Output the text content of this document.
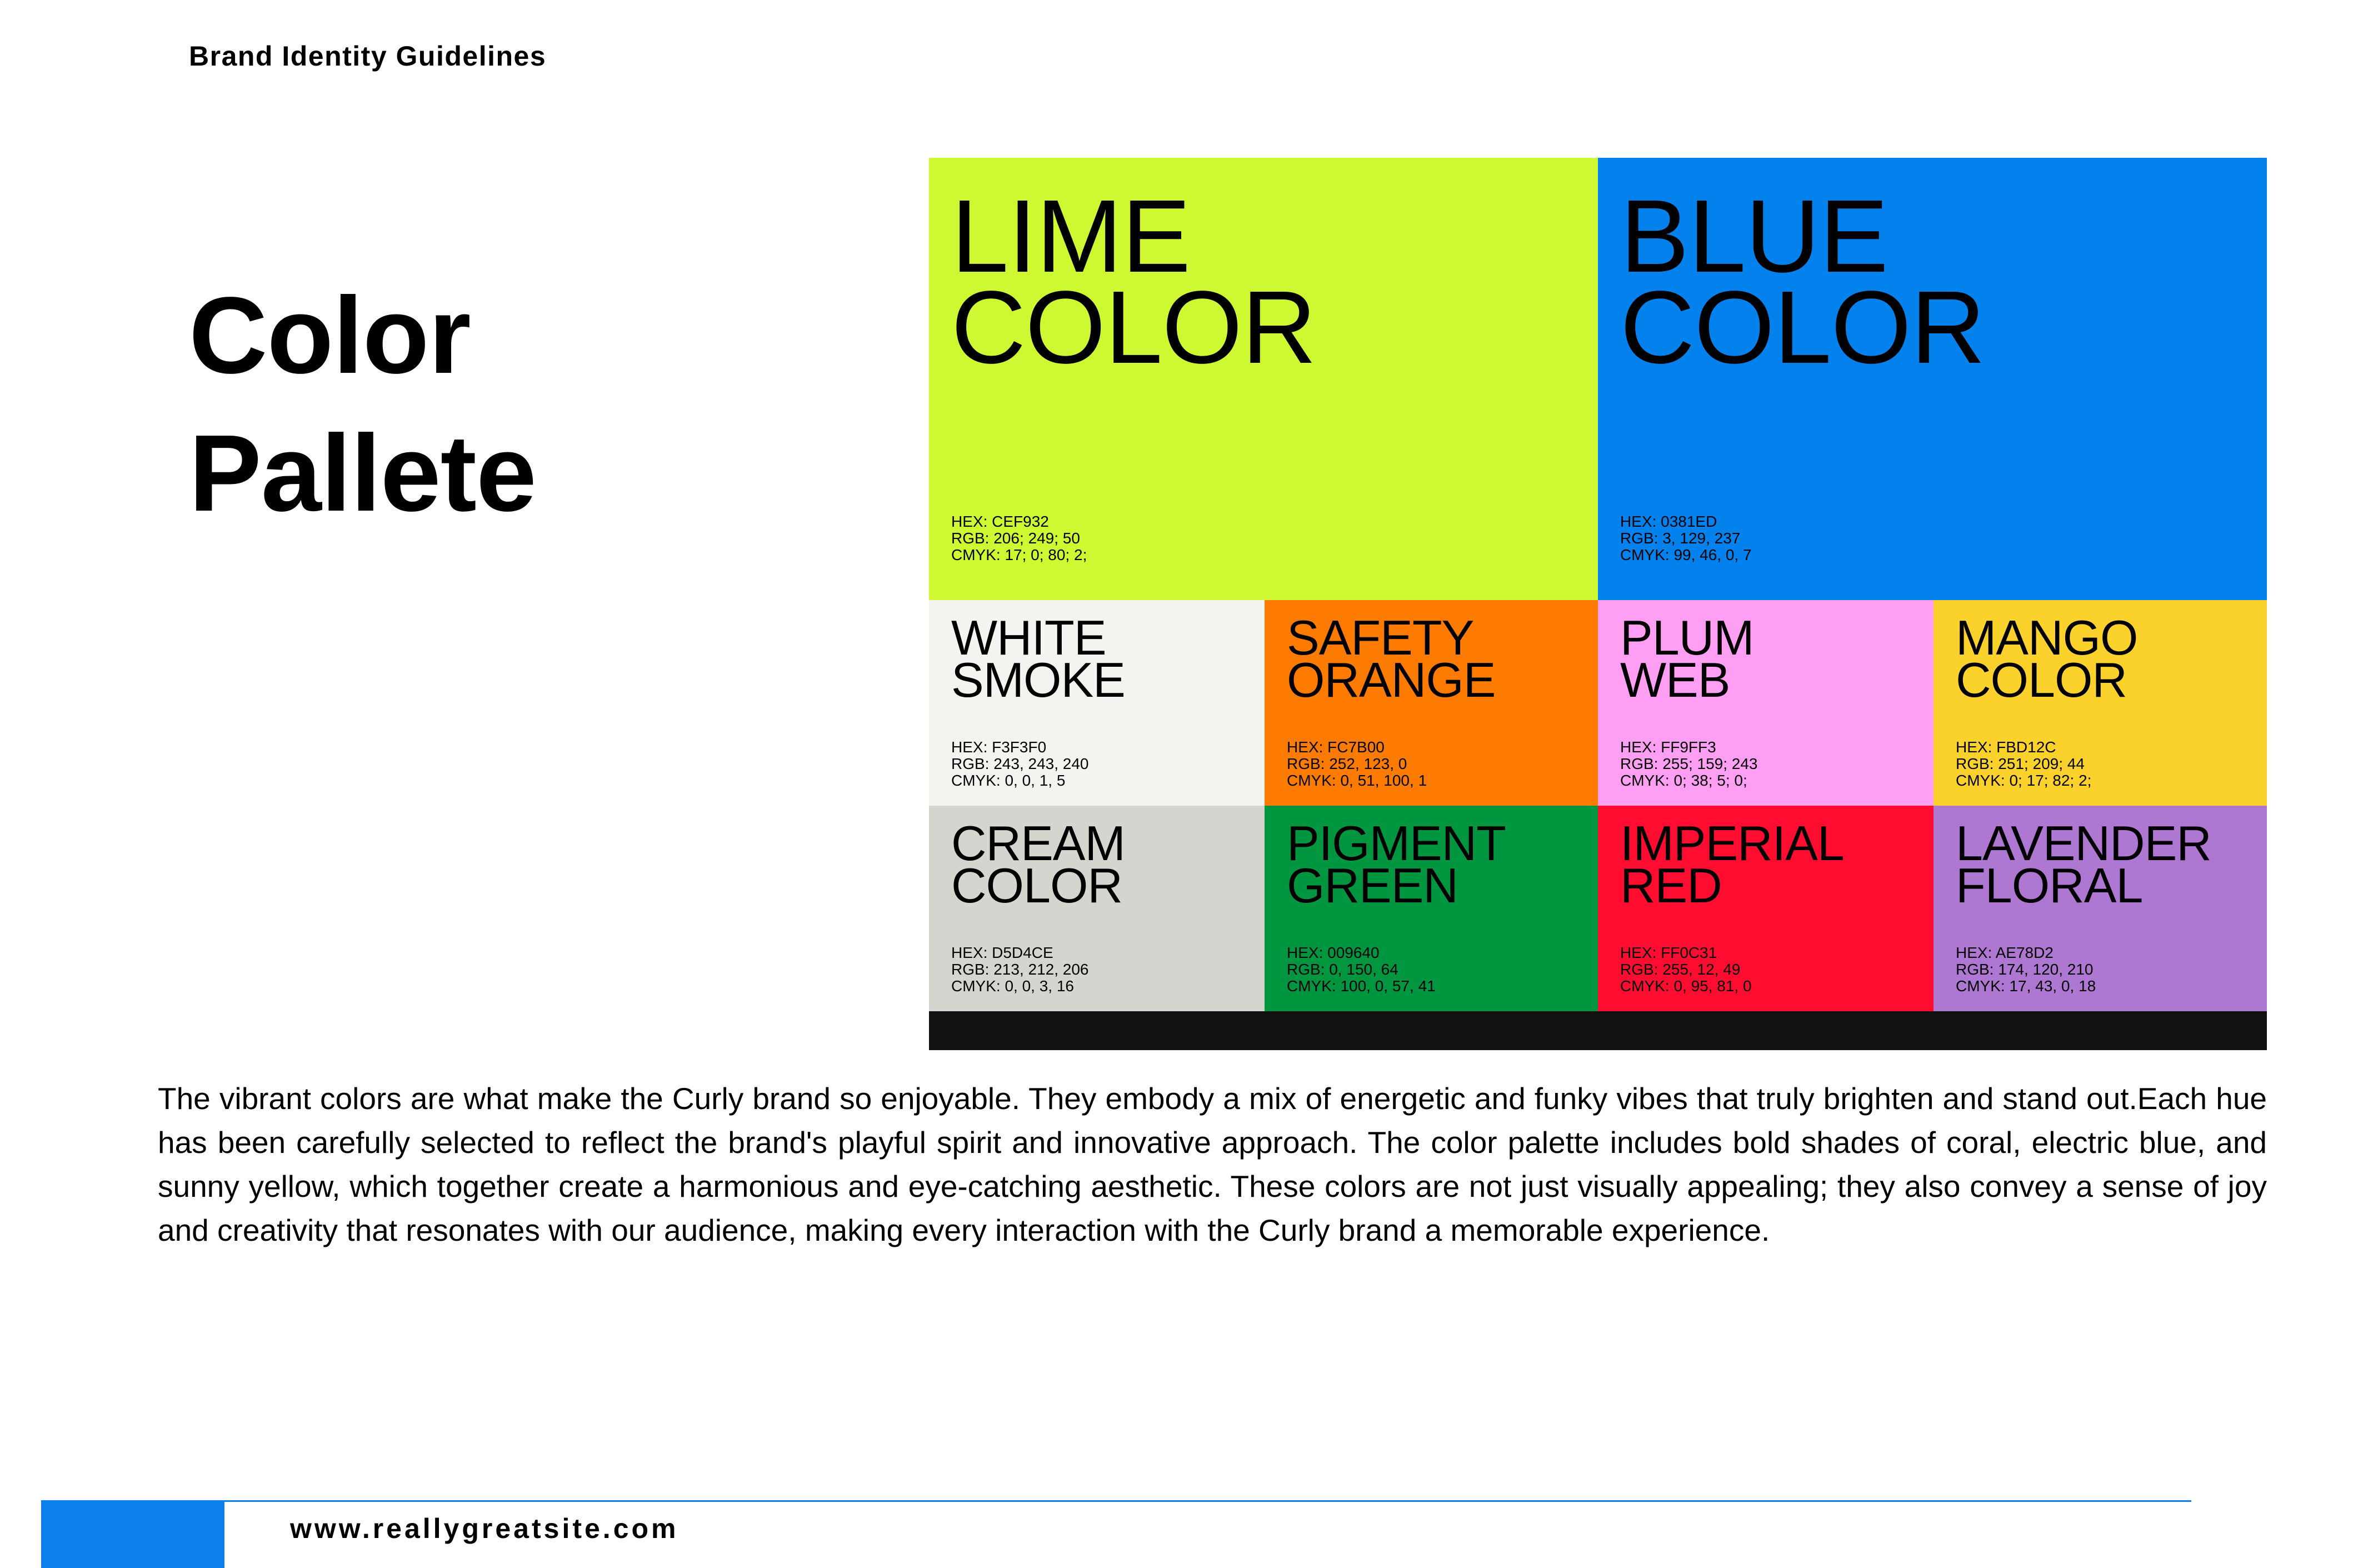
Brand Identity Guidelines
Color
Pallete
LIME
COLOR
HEX: CEF932
RGB: 206; 249; 50
CMYK: 17; 0; 80; 2;
BLUE
COLOR
HEX: 0381ED
RGB: 3, 129, 237
CMYK: 99, 46, 0, 7
WHITE
SMOKE
HEX: F3F3F0
RGB: 243, 243, 240
CMYK: 0, 0, 1, 5
SAFETY
ORANGE
HEX: FC7B00
RGB: 252, 123, 0
CMYK: 0, 51, 100, 1
PLUM
WEB
HEX: FF9FF3
RGB: 255; 159; 243
CMYK: 0; 38; 5; 0;
MANGO
COLOR
HEX: FBD12C
RGB: 251; 209; 44
CMYK: 0; 17; 82; 2;
CREAM
COLOR
HEX: D5D4CE
RGB: 213, 212, 206
CMYK: 0, 0, 3, 16
PIGMENT
GREEN
HEX: 009640
RGB: 0, 150, 64
CMYK: 100, 0, 57, 41
IMPERIAL
RED
HEX: FF0C31
RGB: 255, 12, 49
CMYK: 0, 95, 81, 0
LAVENDER
FLORAL
HEX: AE78D2
RGB: 174, 120, 210
CMYK: 17, 43, 0, 18
The vibrant colors are what make the Curly brand so enjoyable. They embody a mix of energetic and funky vibes that truly brighten and stand out.Each hue has been carefully selected to reflect the brand's playful spirit and innovative approach. The color palette includes bold shades of coral, electric blue, and sunny yellow, which together create a harmonious and eye-catching aesthetic. These colors are not just visually appealing; they also convey a sense of joy and creativity that resonates with our audience, making every interaction with the Curly brand a memorable experience.
www.reallygreatsite.com
